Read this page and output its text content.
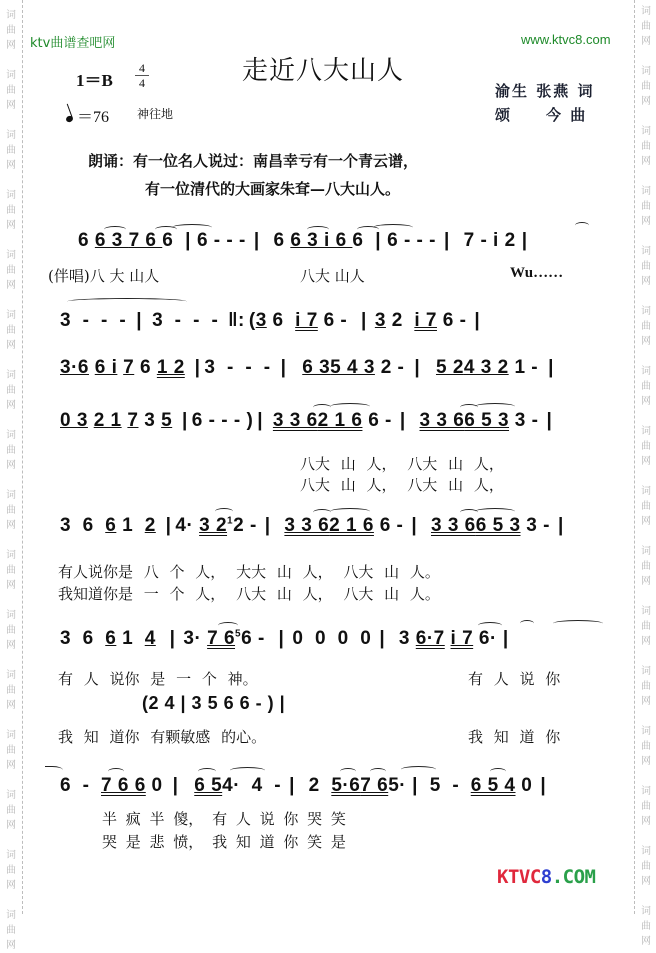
词
曲
网
词
曲
网
词
曲
网
词
曲
网
词
曲
网
词
曲
网
词
曲
网
词
曲
网
词
曲
网
词
曲
网
词
曲
网
词
曲
网
词
曲
网
词
曲
网
词
曲
网
词
曲
网
词
曲
网
词
曲
网
词
曲
网
词
曲
网
词
曲
网
词
曲
网
词
曲
网
词
曲
网
词
曲
网
词
曲
网
词
曲
网
词
曲
网
词
曲
网
词
曲
网
词
曲
网
词
曲
网
ktv曲谱查吧网	www.ktvc8.com
走近八大山人
1＝B
4
4
＝76 神往地
渝生 张燕 词
颂　　今 曲
朗诵：有一位名人说过：南昌幸亏有一个青云谱，
有一位清代的大画家朱耷—八大山人。
6 6 3 7 6 6 | 6 - - - | 6 6 3 i 6 6 | 6 - - - | 7 - i 2 |
(伴唱)八 大 山人	八大 山人	Wu……
3  -  -  - | 3  -  -  - ‖: (3 6  i 7 6 - | 3 2  i 7 6 - |
3·6 6 i 7 6 1 2 | 3  -  -  - | 6 35 4 3 2 - | 5 24 3 2 1 - |
0 3 2 1 7 3 5 | 6 - - - ) | 3 3 62 1 6 6 - | 3 3 66 5 3 3 - |
八大 山 人， 八大 山 人，
八大 山 人， 八大 山 人，
3  6  6 1  2 | 4· 3 $2^12$ - | 3 3 62 1 6 6 - | 3 3 66 5 3 3 - |
有人说你是 八 个 人， 大大 山 人， 八大 山 人。
我知道你是 一 个 人， 八大 山 人， 八大 山 人。
3  6  6 1  4 | 3· 7 $6^56$ - | 0  0  0  0 | 3 6·7 i 7 6· |
有 人 说你 是 一 个 神。	有 人 说 你
(2 4 | 3 5 6 6 - ) |
我 知 道你 有颗敏感 的心。	我 知 道 你
6  -  7 6 6 0 | 6 54·  4  - | 2  5·67 65· | 5  -  6 5 4 0 |
半 疯 半 傻， 有 人 说 你 哭 笑
哭 是 悲 愤， 我 知 道 你 笑 是
KTVC8.COM
